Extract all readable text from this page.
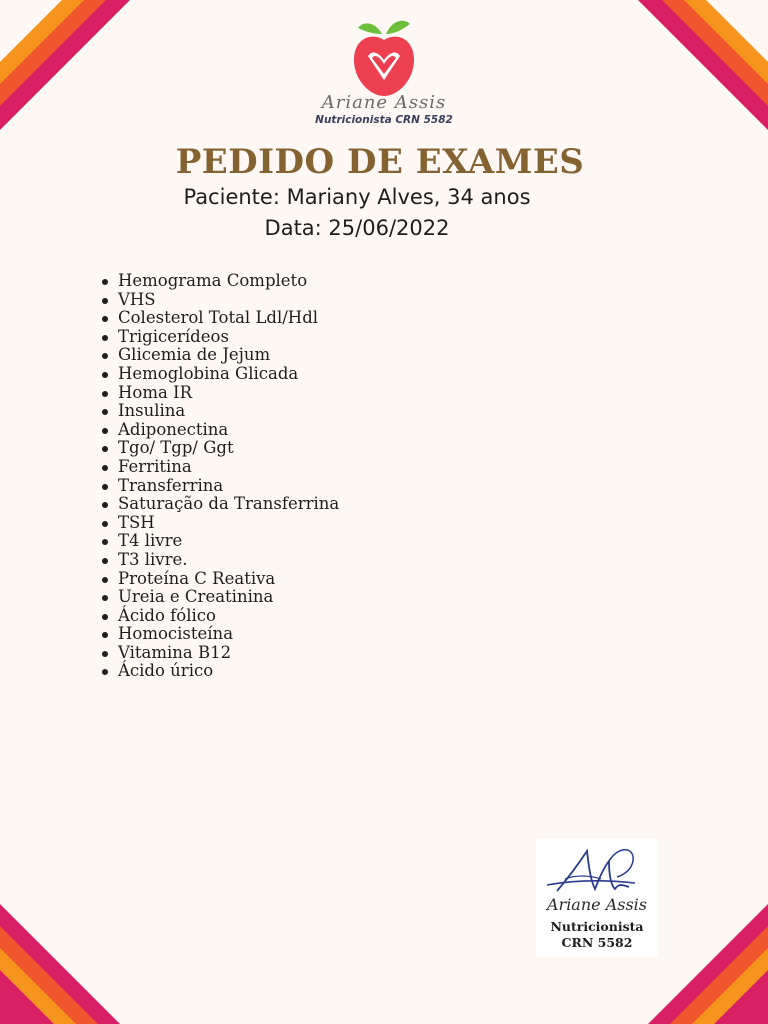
Ariane Assis
Nutricionista CRN 5582
PEDIDO DE EXAMES
Paciente: Mariany Alves, 34 anos
Data: 25/06/2022
Hemograma Completo
VHS
Colesterol Total Ldl/Hdl
Trigicerídeos
Glicemia de Jejum
Hemoglobina Glicada
Homa IR
Insulina
Adiponectina
Tgo/ Tgp/ Ggt
Ferritina
Transferrina
Saturação da Transferrina
TSH
T4 livre
T3 livre.
Proteína C Reativa
Ureia e Creatinina
Ácido fólico
Homocisteína
Vitamina B12
Ácido úrico
Ariane Assis
Nutricionista
CRN 5582
